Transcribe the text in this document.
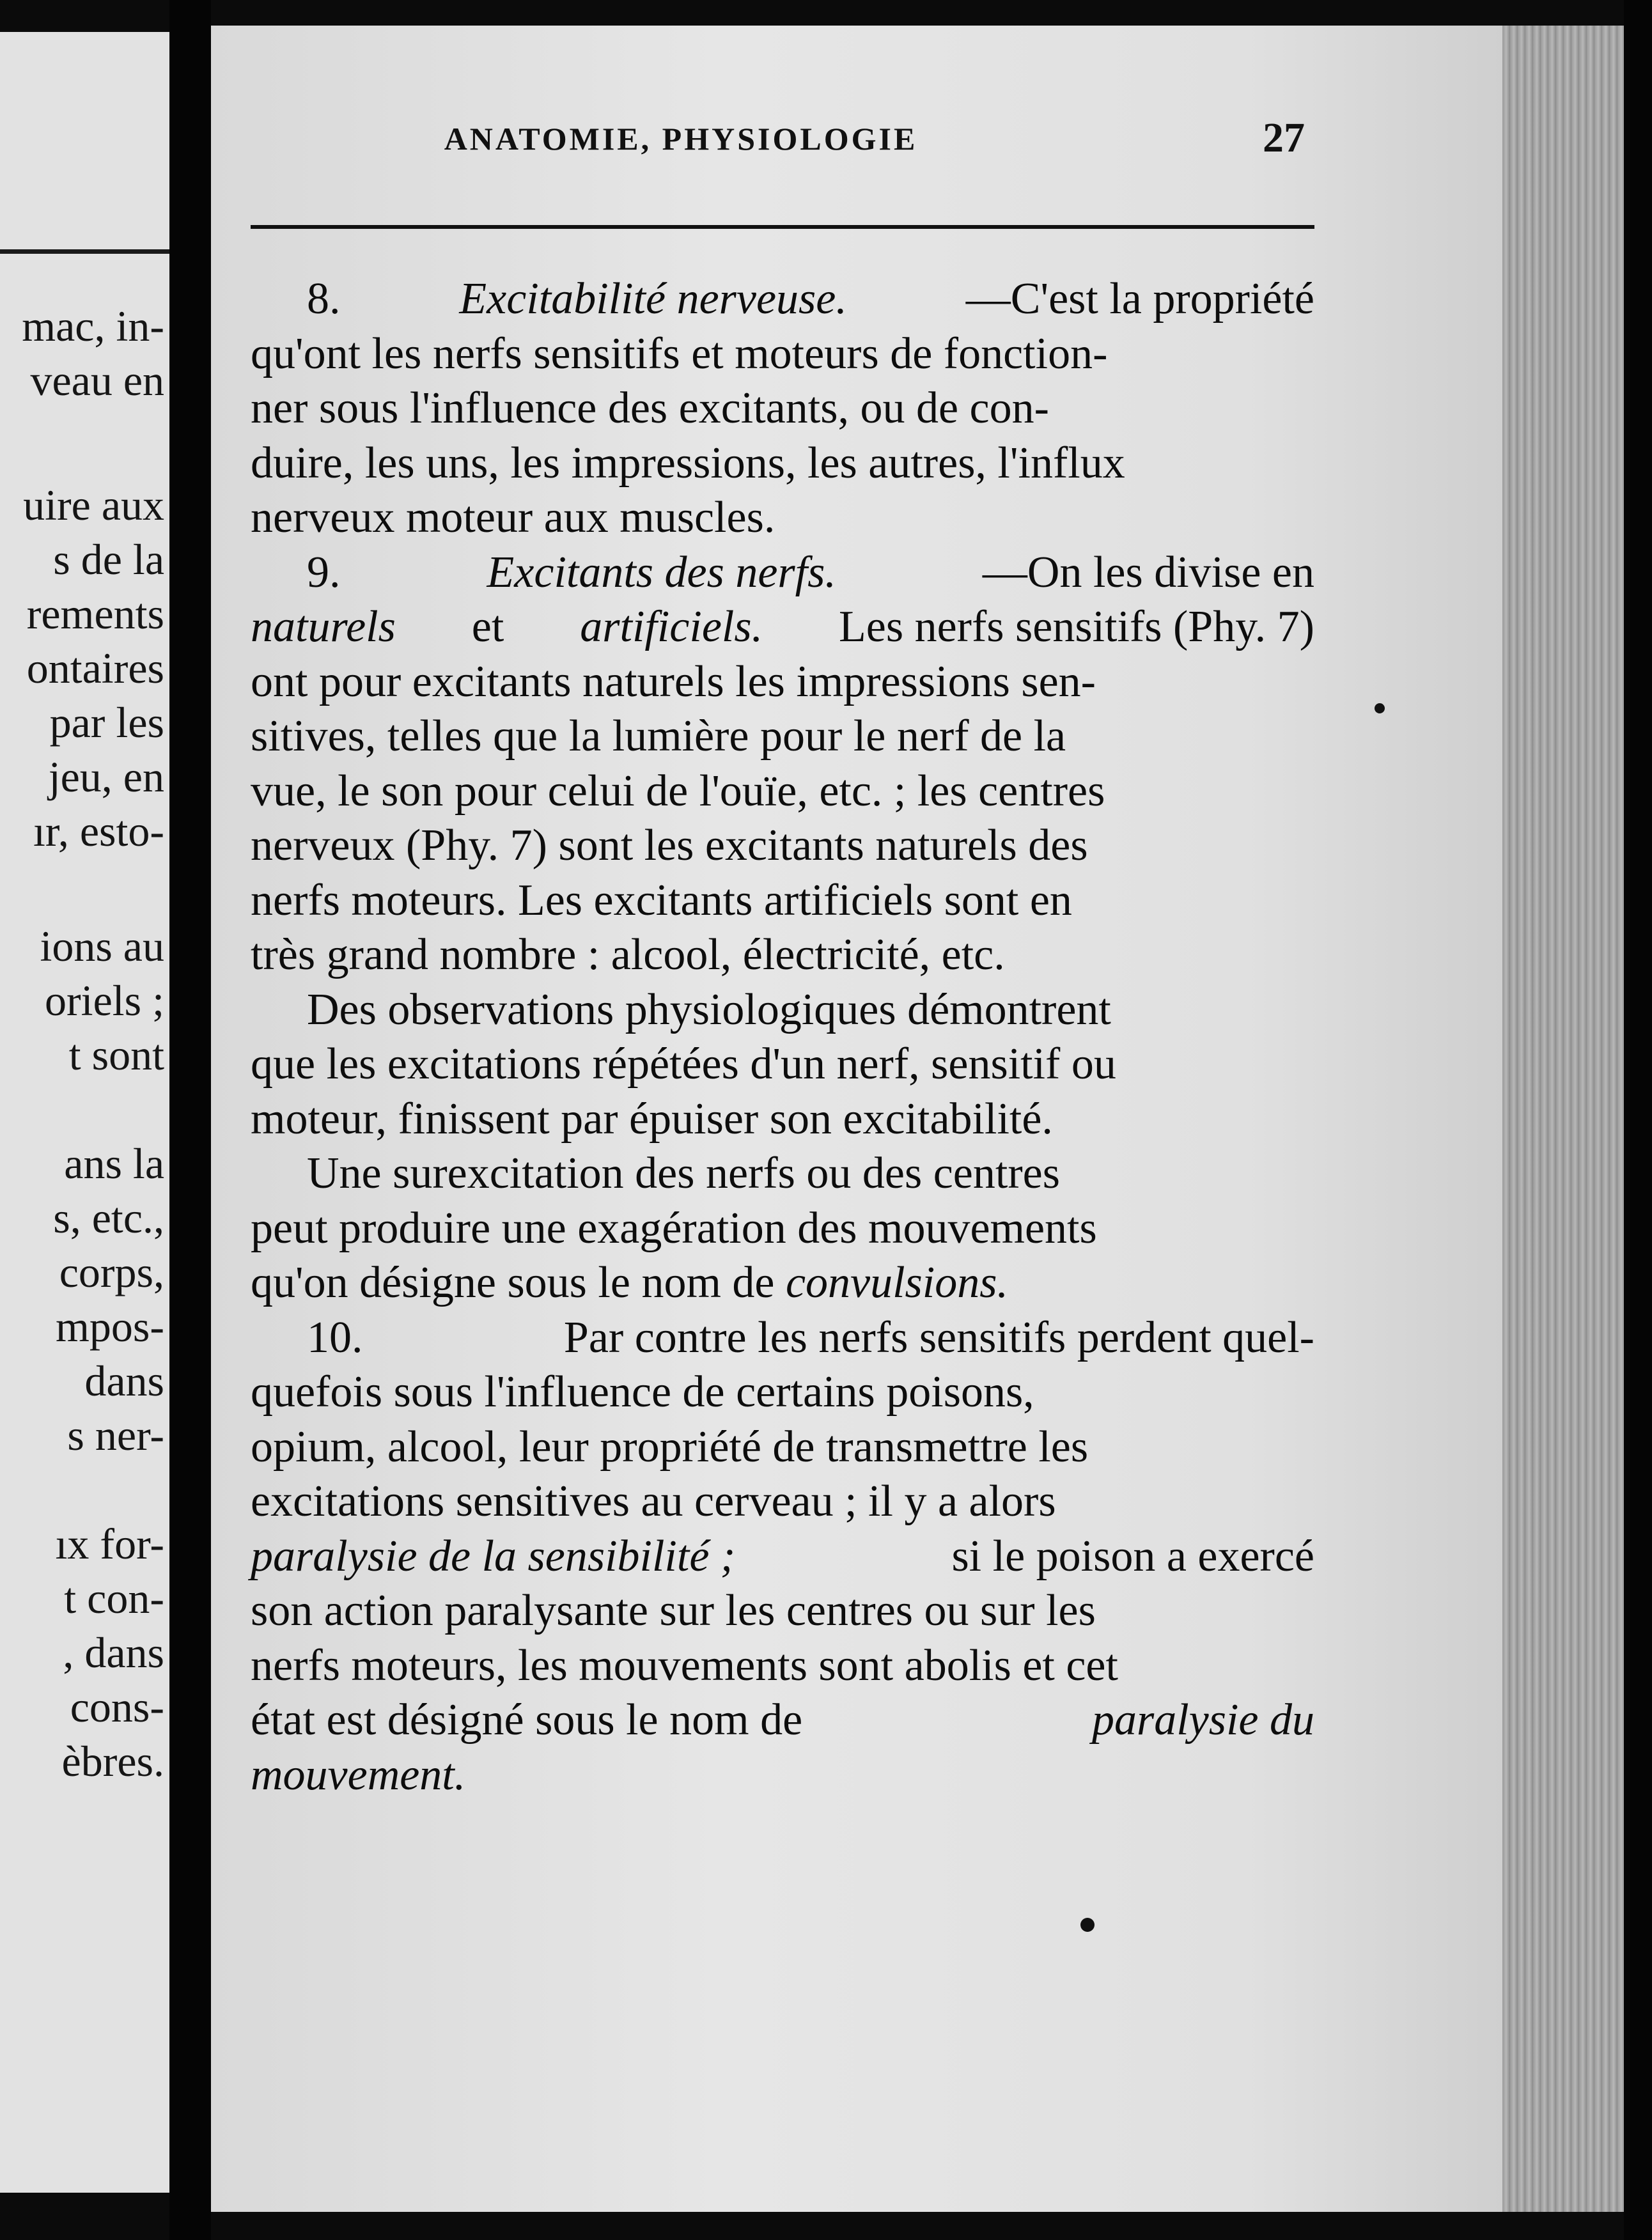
mac, in-
veau en
uire aux
s de la
rements
ontaires
par les
jeu, en
ır, esto-
ions au
oriels ;
t sont
ans la
s, etc.,
corps,
mpos-
dans
s ner-
ıx for-
t con-
, dans
cons-
èbres.
ANATOMIE, PHYSIOLOGIE	27
8.	Excitabilité nerveuse.	—C'est la propriété
qu'ont les nerfs sensitifs et moteurs de fonction-
ner sous l'influence des excitants, ou de con-
duire, les uns, les impressions, les autres, l'influx
nerveux moteur aux muscles.
9.	Excitants des nerfs.	—On les divise en
naturels et artificiels. Les nerfs sensitifs (Phy. 7)
ont pour excitants naturels les impressions sen-
sitives, telles que la lumière pour le nerf de la
vue, le son pour celui de l'ouïe, etc. ; les centres
nerveux (Phy. 7) sont les excitants naturels des
nerfs moteurs. Les excitants artificiels sont en
très grand nombre : alcool, électricité, etc.
Des observations physiologiques démontrent
que les excitations répétées d'un nerf, sensitif ou
moteur, finissent par épuiser son excitabilité.
Une surexcitation des nerfs ou des centres
peut produire une exagération des mouvements
qu'on désigne sous le nom de
convulsions.
10.	Par contre les nerfs sensitifs perdent quel-
quefois sous l'influence de certains poisons,
opium, alcool, leur propriété de transmettre les
excitations sensitives au cerveau ; il y a alors
paralysie de la sensibilité ;	si le poison a exercé
son action paralysante sur les centres ou sur les
nerfs moteurs, les mouvements sont abolis et cet
état est désigné sous le nom de	paralysie du
mouvement.
